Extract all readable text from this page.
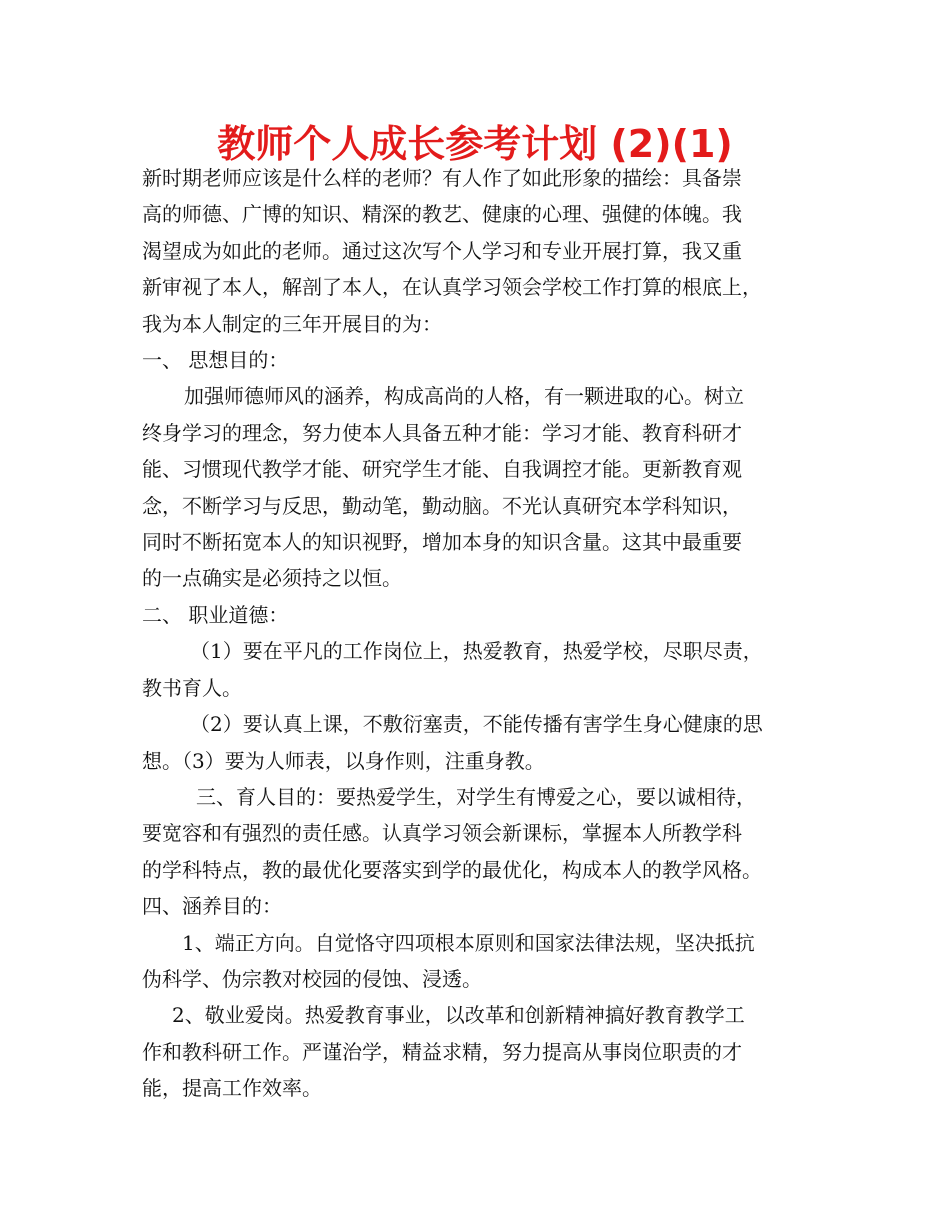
教师个人成长参考计划 (2)(1)

新时期老师应该是什么样的老师？有人作了如此形象的描绘：具备崇

高的师德、广博的知识、精深的教艺、健康的心理、强健的体魄。我

渴望成为如此的老师。通过这次写个人学习和专业开展打算，我又重

新审视了本人，解剖了本人，在认真学习领会学校工作打算的根底上，

我为本人制定的三年开展目的为：

一、 思想目的：

加强师德师风的涵养，构成高尚的人格，有一颗进取的心。树立

终身学习的理念，努力使本人具备五种才能：学习才能、教育科研才

能、习惯现代教学才能、研究学生才能、自我调控才能。更新教育观

念，不断学习与反思，勤动笔，勤动脑。不光认真研究本学科知识，

同时不断拓宽本人的知识视野，增加本身的知识含量。这其中最重要

的一点确实是必须持之以恒。

二、 职业道德：

（1）要在平凡的工作岗位上，热爱教育，热爱学校，尽职尽责，

教书育人。

（2）要认真上课，不敷衍塞责，不能传播有害学生身心健康的思

想。（3）要为人师表，以身作则，注重身教。

三、育人目的：要热爱学生，对学生有博爱之心，要以诚相待，

要宽容和有强烈的责任感。认真学习领会新课标，掌握本人所教学科

的学科特点，教的最优化要落实到学的最优化，构成本人的教学风格。

四、涵养目的：

1、端正方向。自觉恪守四项根本原则和国家法律法规，坚决抵抗

伪科学、伪宗教对校园的侵蚀、浸透。

2、敬业爱岗。热爱教育事业，以改革和创新精神搞好教育教学工

作和教科研工作。严谨治学，精益求精，努力提高从事岗位职责的才

能，提高工作效率。
